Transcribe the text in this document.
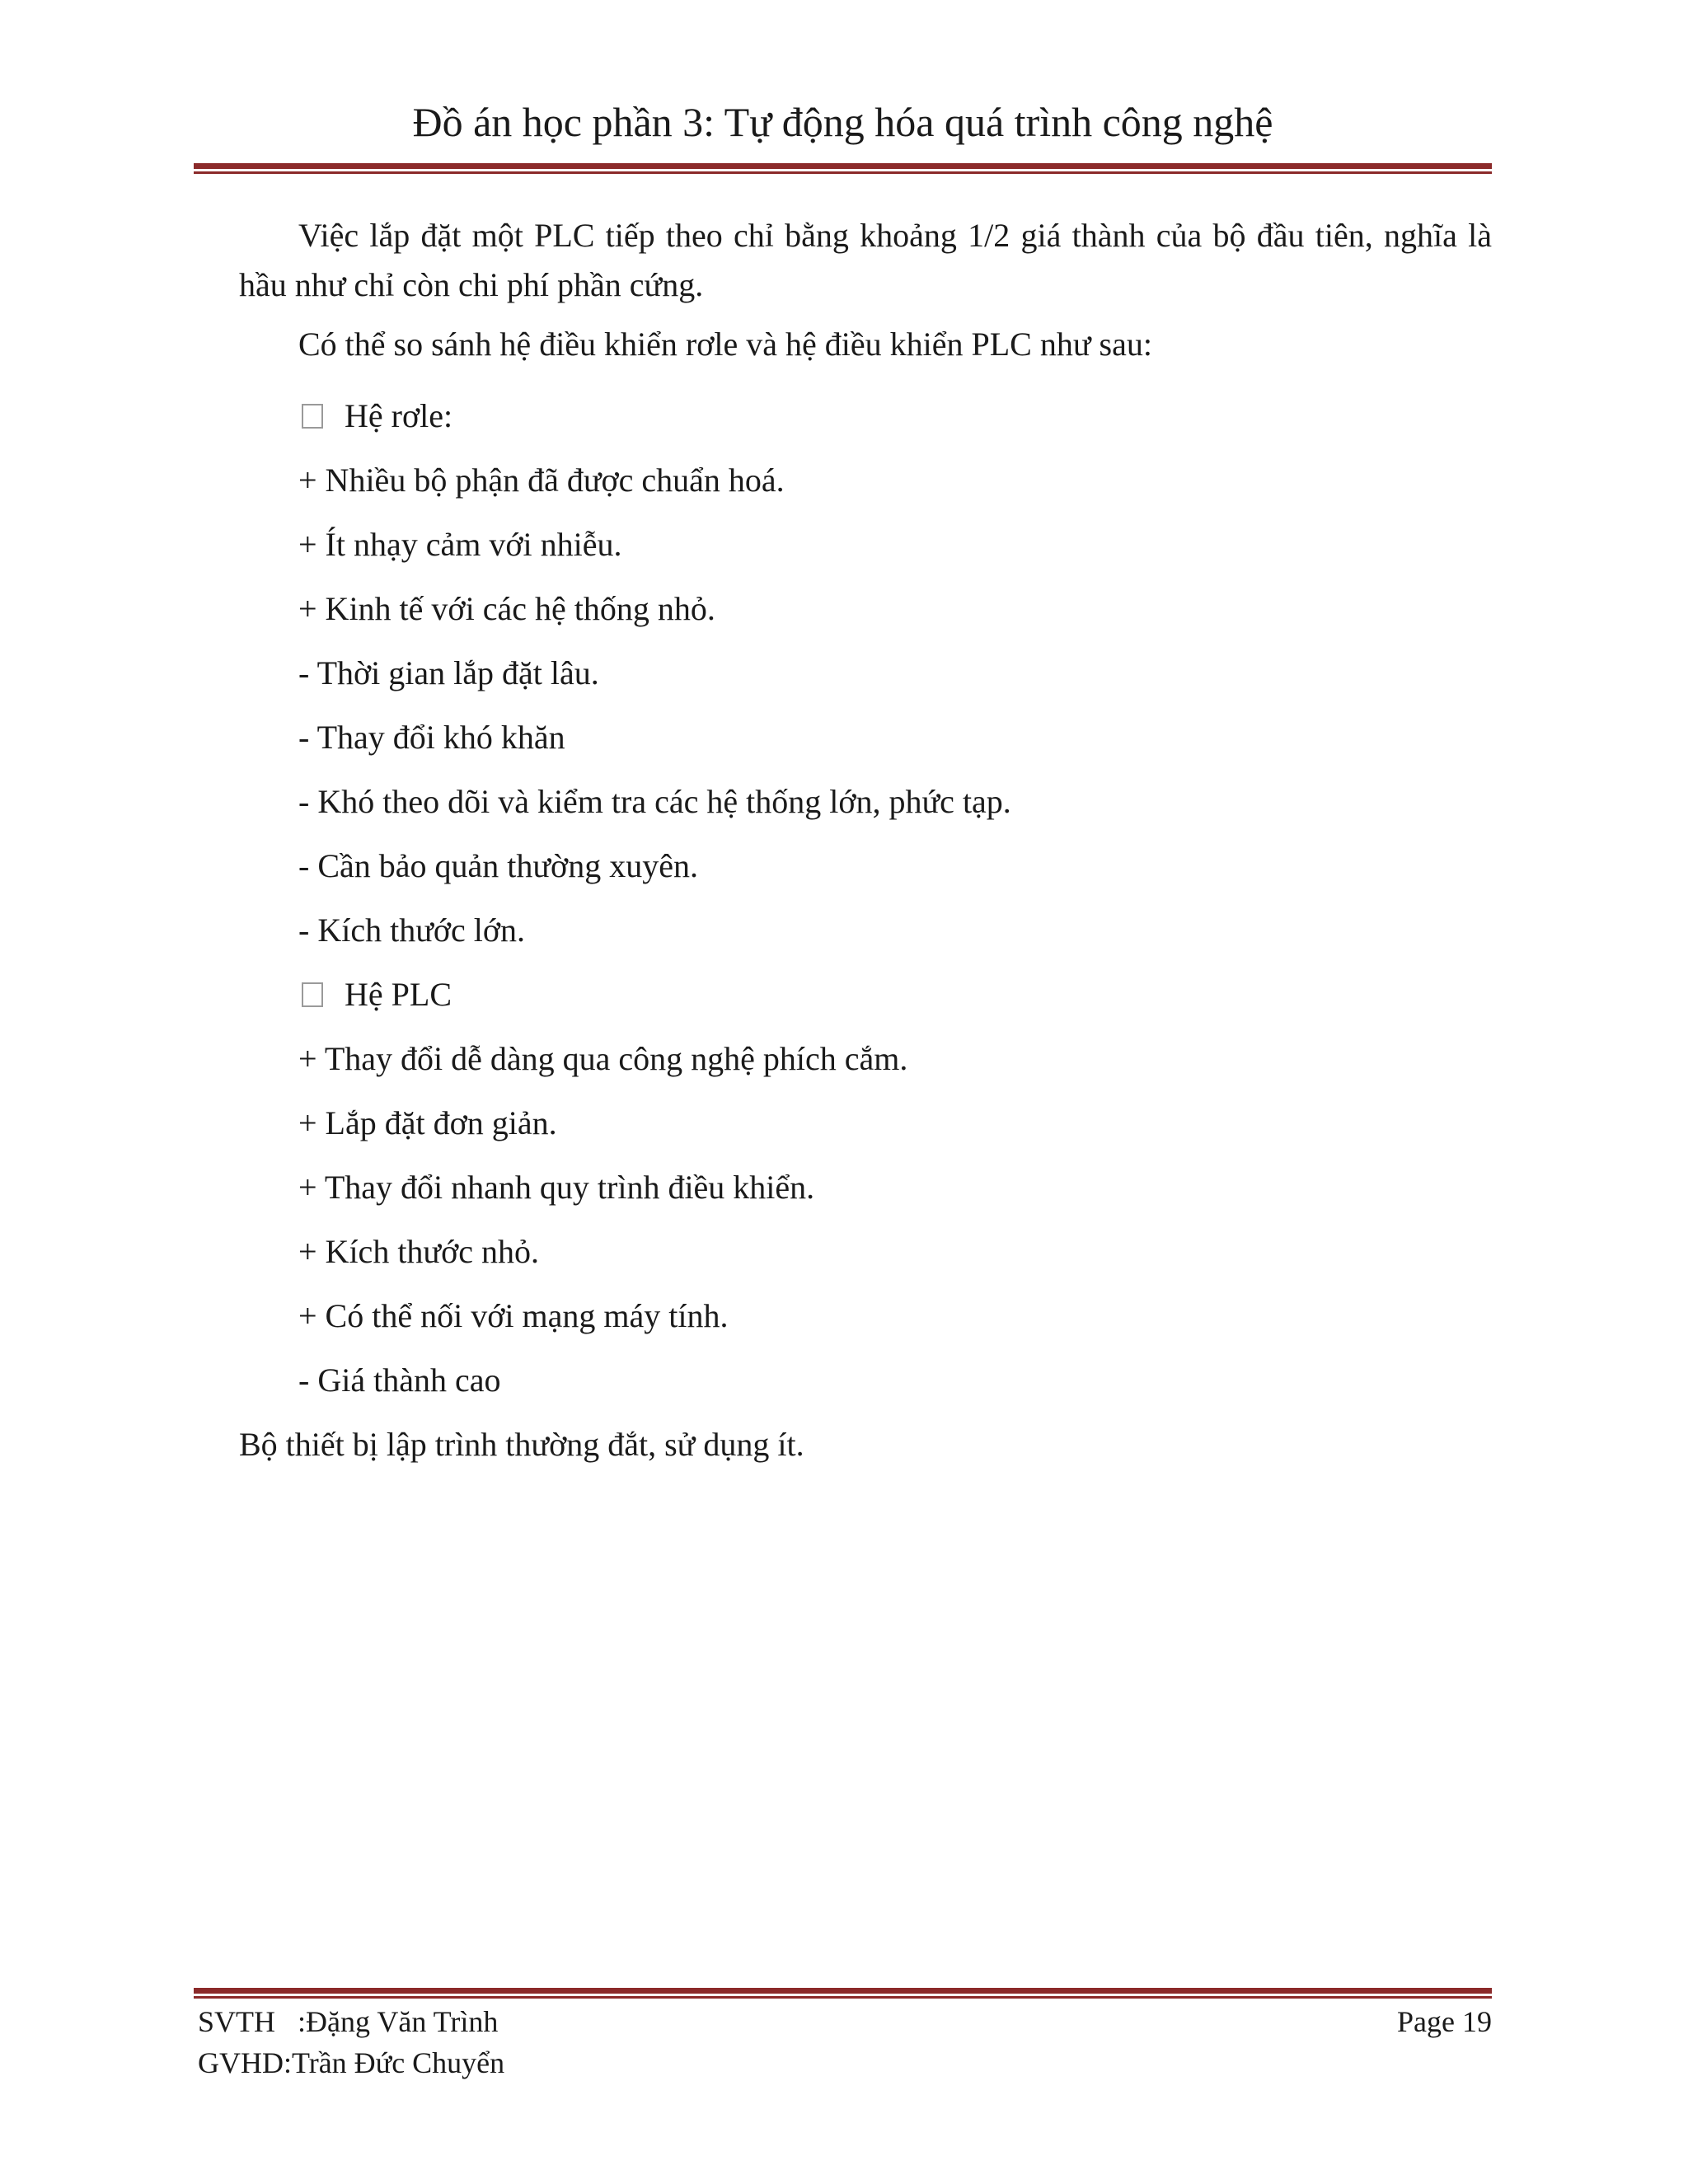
Đồ án học phần 3: Tự động hóa quá trình công nghệ

Việc lắp đặt một PLC tiếp theo chỉ bằng khoảng 1/2 giá thành của bộ đầu tiên, nghĩa là hầu như chỉ còn chi phí phần cứng.

Có thể so sánh hệ điều khiển rơle và hệ điều khiển PLC như sau:

Hệ rơle:

+ Nhiều bộ phận đã được chuẩn hoá.

+ Ít nhạy cảm với nhiễu.

+ Kinh tế với các hệ thống nhỏ.

- Thời gian lắp đặt lâu.

- Thay đổi khó khăn

- Khó theo dõi và kiểm tra các hệ thống lớn, phức tạp.

- Cần bảo quản thường xuyên.

- Kích thước lớn.

Hệ PLC

+ Thay đổi dễ dàng qua công nghệ phích cắm.

+ Lắp đặt đơn giản.

+ Thay đổi nhanh quy trình điều khiển.

+ Kích thước nhỏ.

+ Có thể nối với mạng máy tính.

- Giá thành cao

Bộ thiết bị lập trình thường đắt, sử dụng ít.

SVTH   :Đặng Văn Trình	Page 19
GVHD:Trần Đức Chuyển
